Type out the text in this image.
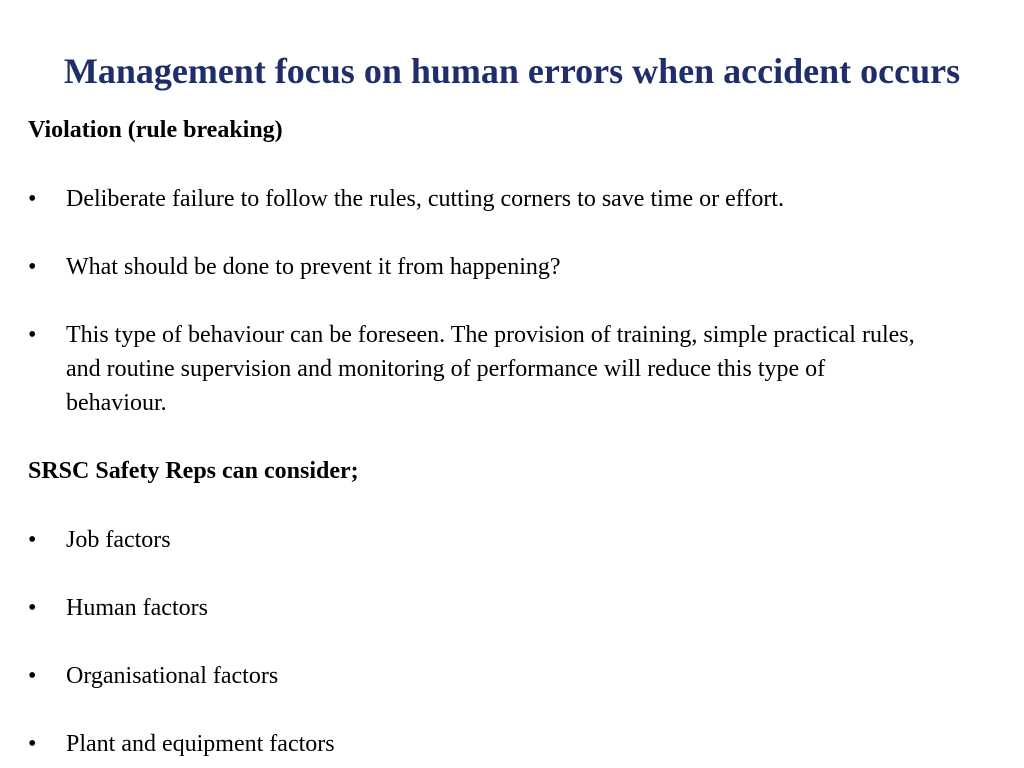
Management focus on human errors when accident occurs
Violation (rule breaking)
•	Deliberate failure to follow the rules, cutting corners to save time or effort.
•	What should be done to prevent it from happening?
•	This type of behaviour can be foreseen. The provision of training, simple practical rules, and routine supervision and monitoring of performance will reduce this type of behaviour.
SRSC Safety Reps can consider;
•	Job factors
•	Human factors
•	Organisational factors
•	Plant and equipment factors
